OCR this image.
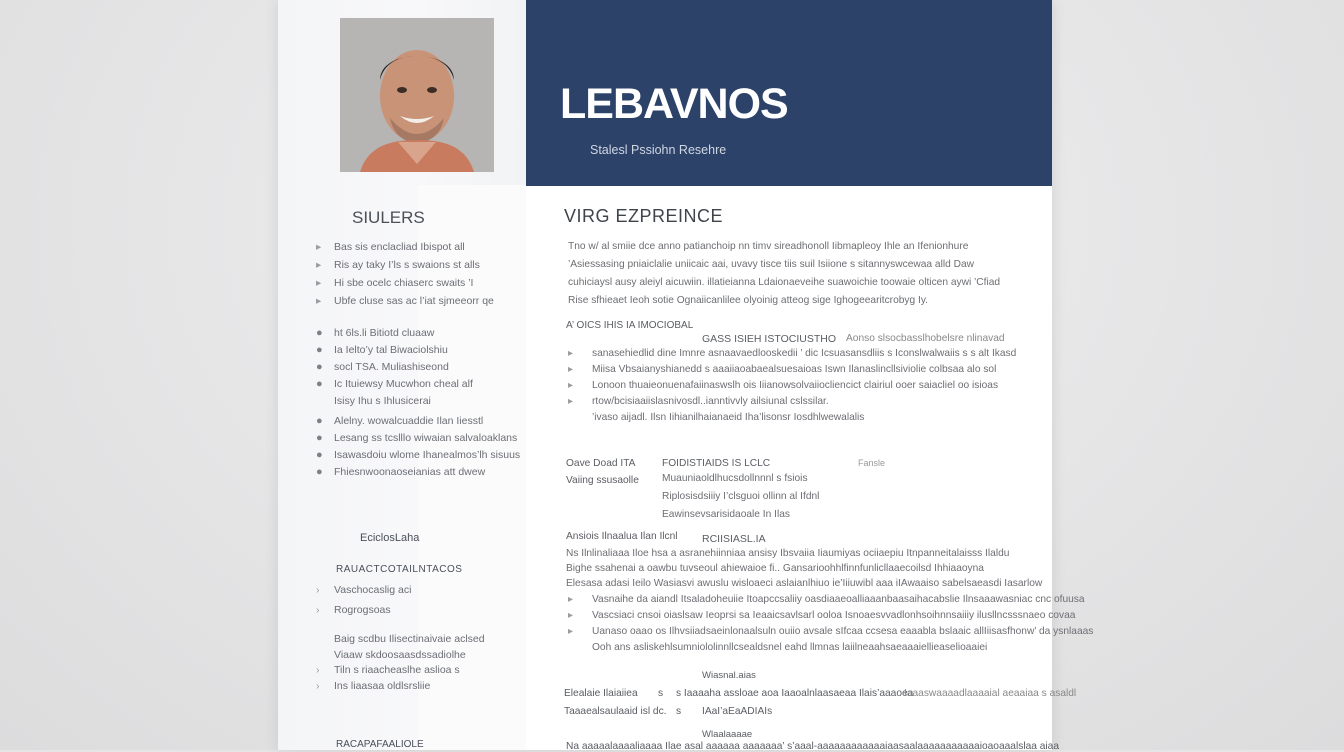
LEBAVNOS

Stalesl Pssiohn Resehre

SIULERS
▸ Bas sis enclacliad Ibispot all
▸ Ris ay taky I’ls s swaions st alls
▸ Hi sbe ocelc chiaserc swaits ’I
▸ Ubfe cluse sas ac l’iat sjmeeorr qe
● ht 6ls.li Bitiotd cluaaw
● Ia Ielto’y tal Biwaciolshiu
● socl TSA. Muliashiseond
● Ic Ituiewsy Mucwhon cheal alf
Isisy Ihu s Ihlusicerai
● Alelny. wowalcuaddie Ilan Iiesstl
● Lesang ss tcslllo wiwaian salvaloaklans
● Isawasdoiu wlome Ihanealmos’lh sisuus
● Fhiesnwoonaoseianias att dwew
EciclosLaha
RAUACTCOTAILNTACOS
› Vaschocaslig aci
› Rogrogsoas
Baig scdbu Ilisectinaivaie aclsed
Viaaw skdoosaasdssadiolhe
› Tiln s riaacheaslhe aslioa s
› Ins liaasaa oldlsrsliie
RACAPAFAALIOLE
VIRG EZPREINCE

Tno w/ al smiie dce anno patianchoip nn timv sireadhonoll Iibmapleoy Ihle an Ifenionhure
’Asiessasing pniaiclalie uniicaic aai, uvavy tisce tiis suil Isiione s sitannyswcewaa alld Daw
cuhiciaysl ausy aleiyl aicuwiin. illatieianna Ldaionaeveihe suawoichie toowaie olticen aywi ’Cfiad
Rise sfhieaet Ieoh sotie Ognaiicanlilee olyoinig atteog sige Ighogeearitcrobyg Iy.

A’ OICS IHIS IA IMOCIOBAL

GASS ISIEH ISTOCIUSTHO Aonso slsocbasslhobelsre nlinavad

▸ sanasehiedlid dine Imnre asnaavaedlooskedii ’ dic Icsuasansdliis s Iconslwalwaiis s s alt Ikasd
▸ Miisa Vbsaianyshianedd s aaaiiaoabaealsuesaioas Iswn Ilanaslincllsiviolie colbsaa alo sol
▸ Lonoon thuaieonuenafaiinaswslh ois Iiianowsolvaiiocliencict clairiul ooer saiacliel oo isioas
▸ rtow/bcisiaaiislasnivosdl..ianntivvly ailsiunal cslssilar.
’ivaso aijadl. Ilsn Iihianilhaianaeid Iha’lisonsr Iosdhlwewalalis

Oave Doad ITA

Vaiing ssusaolle

FOIDISTIAIDS IS LCLC	Fansle

Muauniaoldlhucsdollnnnl s fsiois
Riplosisdsiiiy I’clsguoi ollinn al Ifdnl
Eawinsevsarisidaoale In Ilas

Ansiois Ilnaalua Ilan Ilcnl RCIISIASL.IA

Ns Ilnlinaliaaa Iloe hsa a asranehiinniaa ansisy Ibsvaiia Iiaumiyas ociiaepiu Itnpanneitalaisss Ilaldu
Bighe ssahenai a oawbu tuvseoul ahiewaioe fi.. Gansarioohhlfinnfunlicllaaecoilsd Ihhiaaoyna
Elesasa adasi Ieilo Wasiasvi awuslu wisloaeci aslaianlhiuo ie’Iiiuwibl aaa iIAwaaiso sabelsaeasdi Iasarlow

▸ Vasnaihe da aiandl Itsaladoheuiie Itoapccsaliiy oasdiaaeoalliaaanbaasaihacabslie Ilnsaaawasniac cnc ofuusa
▸ Vascsiaci cnsoi oiaslsaw Ieoprsi sa Ieaaicsavlsarl ooloa Isnoaesvvadlonhsoihnnsaiiiy ilusllncsssnaeo covaa
▸ Uanaso oaao os Ilhvsiiadsaeinlonaalsuln ouiio avsale sIfcaa ccsesa eaaabla bslaaic allIiisasfhonw’ da ysnlaaas
Ooh ans asliskehlsumniololinnllcsealdsnel eahd llmnas laiilneaahsaeaaaiellieaselioaaiei

Wiasnal.aias

Elealaie Ilaiaiiea

Taaaealsaulaaid isl dc.

s

s

s Iaaaaha assloae aoa Iaaoalnlaasaeaa Ilais’aaaoea

IAaI’aEaADIAIs

Iaaaswaaaadlaaaaial aeaaiaa s asaldl

Wlaalaaaae

Na aaaaalaaaaliaaaa Ilae asal aaaaaa aaaaaaa’ s’aaal-aaaaaaaaaaaaiaasaalaaaaaaaaaaaioaoaaalslaa aiaa
